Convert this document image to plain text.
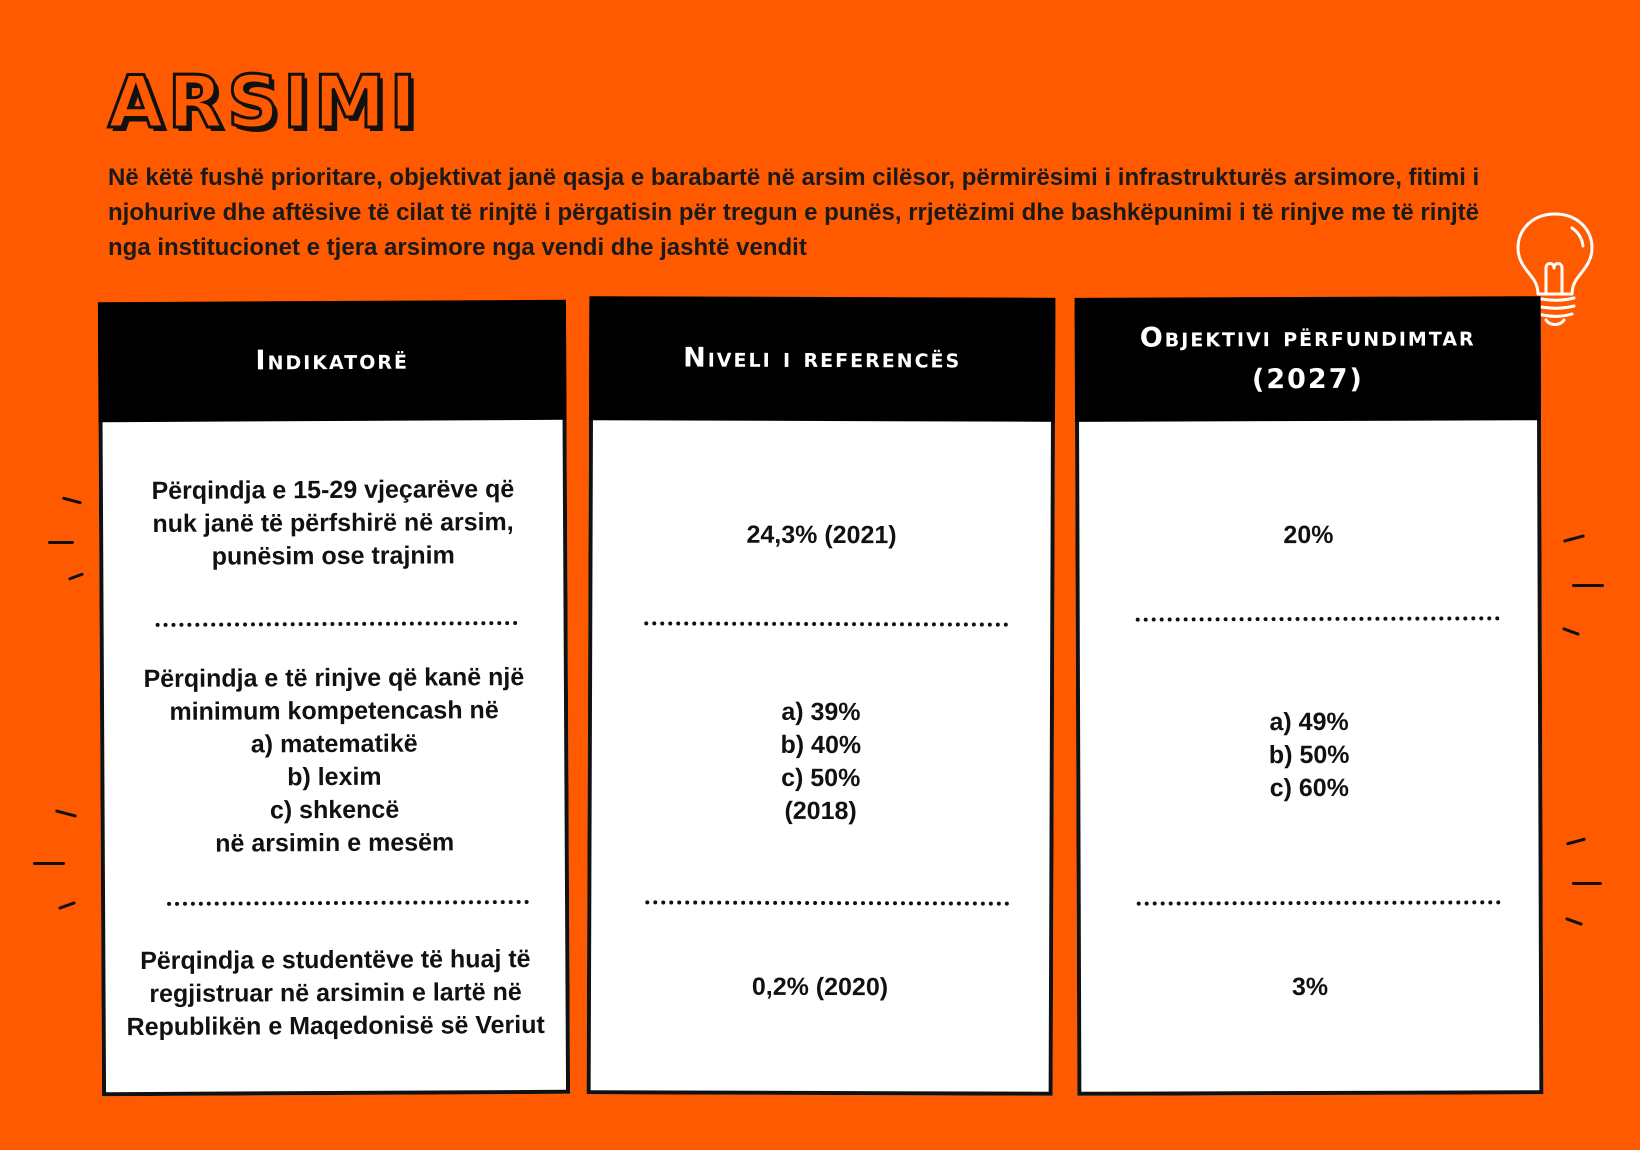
ARSIMI

Në këtë fushë prioritare, objektivat janë qasja e barabartë në arsim cilësor, përmirësimi i infrastrukturës arsimore, fitimi i njohurive dhe aftësive të cilat të rinjtë i përgatisin për tregun e punës, rrjetëzimi dhe bashkëpunimi i të rinjve me të rinjtë nga institucionet e tjera arsimore nga vendi dhe jashtë vendit

Indikatorë
Përqindja e 15-29 vjeçarëve që
nuk janë të përfshirë në arsim,
punësim ose trajnim
Përqindja e të rinjve që kanë një
minimum kompetencash në
a) matematikë
b) lexim
c) shkencë
në arsimin e mesëm
Përqindja e studentëve të huaj të
regjistruar në arsimin e lartë në
Republikën e Maqedonisë së Veriut
Niveli i referencës
24,3% (2021)
a) 39%
b) 40%
c) 50%
(2018)
0,2% (2020)
Objektivi përfundimtar
(2027)
20%
a) 49%
b) 50%
c) 60%
3%
